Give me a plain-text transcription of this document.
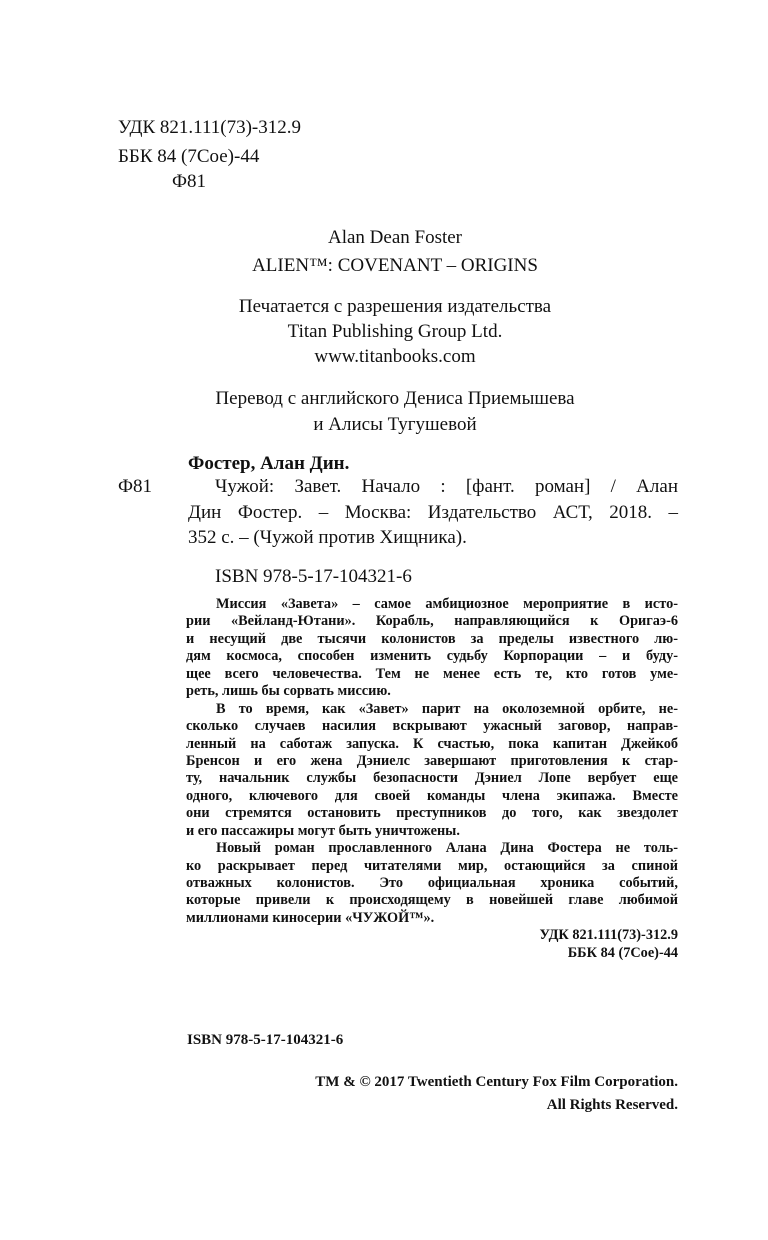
УДК 821.111(73)-312.9
ББК 84 (7Сое)-44
Ф81
Alan Dean Foster
ALIEN™: COVENANT – ORIGINS
Печатается с разрешения издательства
Titan Publishing Group Ltd.
www.titanbooks.com
Перевод с английского Дениса Приемышева
и Алисы Тугушевой
Фостер, Алан Дин.
Ф81	Чужой: Завет. Начало : [фант. роман] / Алан
Дин Фостер. – Москва: Издательство АСТ, 2018. –
352 с. – (Чужой против Хищника).
ISBN 978-5-17-104321-6
Миссия «Завета» – самое амбициозное мероприятие в исто-
рии «Вейланд-Ютани». Корабль, направляющийся к Оригаэ-6
и несущий две тысячи колонистов за пределы известного лю-
дям космоса, способен изменить судьбу Корпорации – и буду-
щее всего человечества. Тем не менее есть те, кто готов уме-
реть, лишь бы сорвать миссию.
В то время, как «Завет» парит на околоземной орбите, не-
сколько случаев насилия вскрывают ужасный заговор, направ-
ленный на саботаж запуска. К счастью, пока капитан Джейкоб
Бренсон и его жена Дэниелс завершают приготовления к стар-
ту, начальник службы безопасности Дэниел Лопе вербует еще
одного, ключевого для своей команды члена экипажа. Вместе
они стремятся остановить преступников до того, как звездолет
и его пассажиры могут быть уничтожены.
Новый роман прославленного Алана Дина Фостера не толь-
ко раскрывает перед читателями мир, остающийся за спиной
отважных колонистов. Это официальная хроника событий,
которые привели к происходящему в новейшей главе любимой
миллионами киносерии «ЧУЖОЙ™».
УДК 821.111(73)-312.9
ББК 84 (7Сое)-44
ISBN 978-5-17-104321-6
TM & © 2017 Twentieth Century Fox Film Corporation.
All Rights Reserved.
